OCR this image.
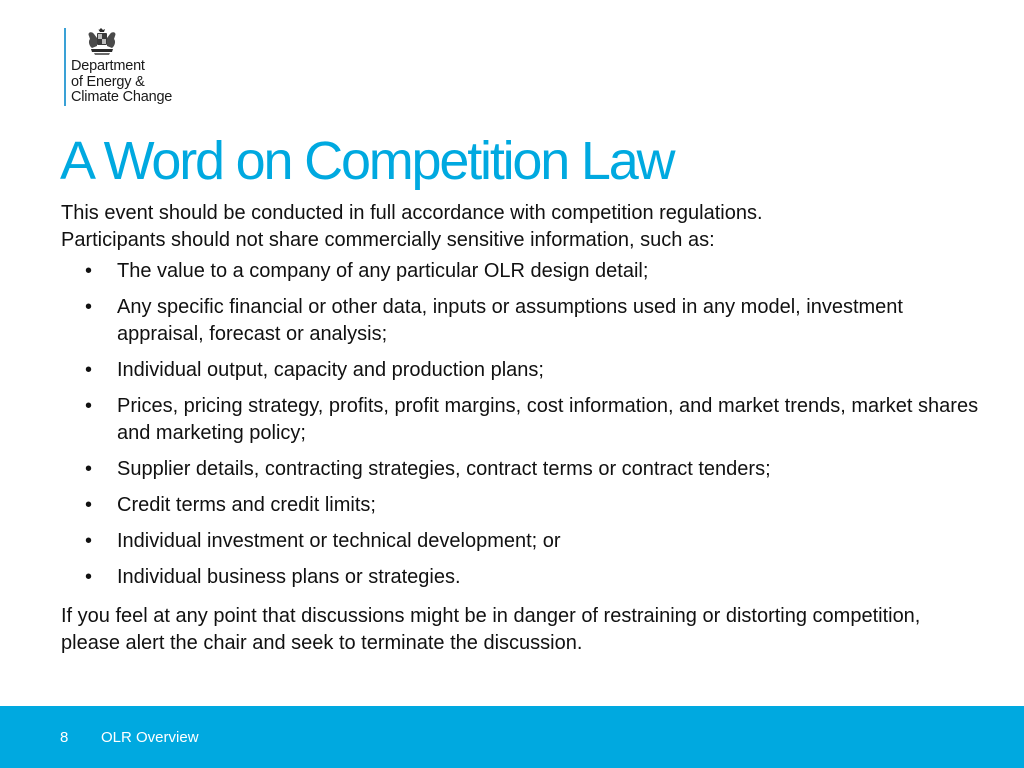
Department
of Energy &
Climate Change
A Word on Competition Law

This event should be conducted in full accordance with competition regulations.

Participants should not share commercially sensitive information, such as:

• The value to a company of any particular OLR design detail;
• Any specific financial or other data, inputs or assumptions used in any model, investment appraisal, forecast or analysis;
• Individual output, capacity and production plans;
• Prices, pricing strategy, profits, profit margins, cost information, and market trends, market shares and marketing policy;
• Supplier details, contracting strategies, contract terms or contract tenders;
• Credit terms and credit limits;
• Individual investment or technical development; or
• Individual business plans or strategies.

If you feel at any point that discussions might be in danger of restraining or distorting competition, please alert the chair and seek to terminate the discussion.

8 OLR Overview
